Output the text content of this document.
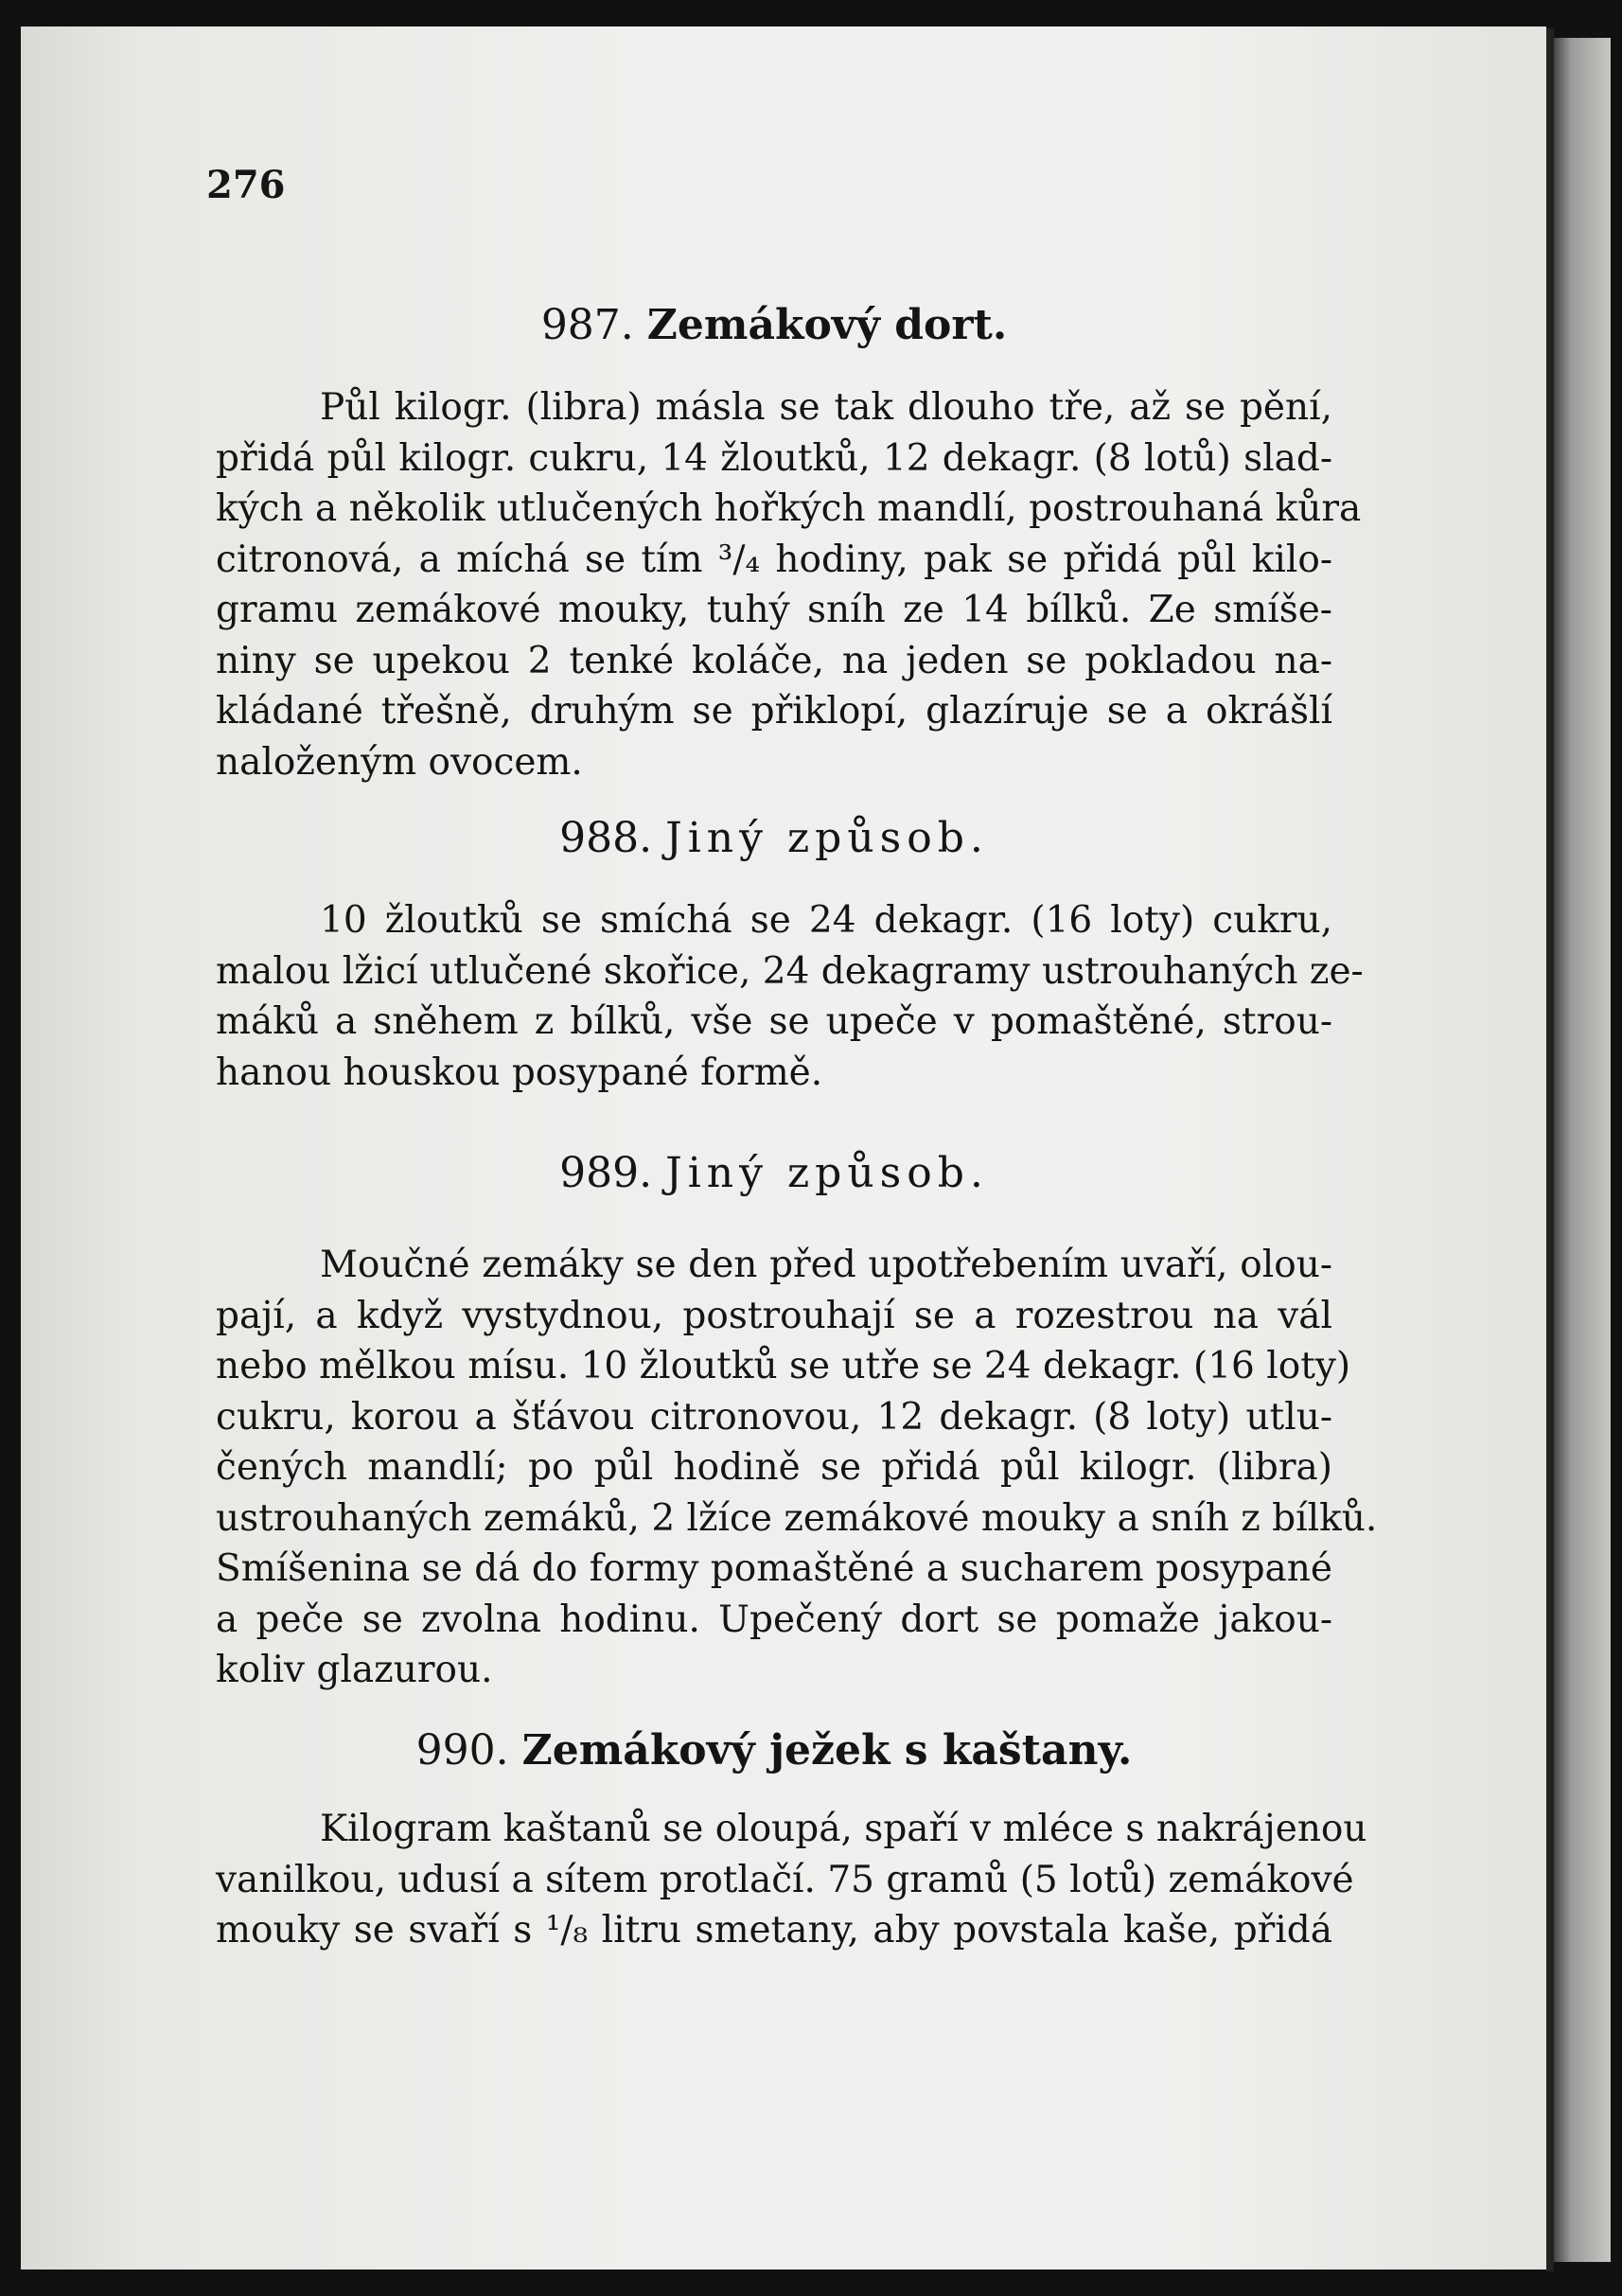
276
987. Zemákový dort.
Půl kilogr. (libra) másla se tak dlouho tře, až se pění,
přidá půl kilogr. cukru, 14 žloutků, 12 dekagr. (8 lotů) slad-
kých a několik utlučených hořkých mandlí, postrouhaná kůra
citronová, a míchá se tím ³/₄ hodiny, pak se přidá půl kilo-
gramu zemákové mouky, tuhý sníh ze 14 bílků. Ze smíše-
niny se upekou 2 tenké koláče, na jeden se pokladou na-
kládané třešně, druhým se přiklopí, glazíruje se a okrášlí
naloženým ovocem.
988. Jiný způsob.
10 žloutků se smíchá se 24 dekagr. (16 loty) cukru,
malou lžicí utlučené skořice, 24 dekagramy ustrouhaných ze-
máků a sněhem z bílků, vše se upeče v pomaštěné, strou-
hanou houskou posypané formě.
989. Jiný způsob.
Moučné zemáky se den před upotřebením uvaří, olou-
pají, a když vystydnou, postrouhají se a rozestrou na vál
nebo mělkou mísu. 10 žloutků se utře se 24 dekagr. (16 loty)
cukru, korou a šťávou citronovou, 12 dekagr. (8 loty) utlu-
čených mandlí; po půl hodině se přidá půl kilogr. (libra)
ustrouhaných zemáků, 2 lžíce zemákové mouky a sníh z bílků.
Smíšenina se dá do formy pomaštěné a sucharem posypané
a peče se zvolna hodinu. Upečený dort se pomaže jakou-
koliv glazurou.
990. Zemákový ježek s kaštany.
Kilogram kaštanů se oloupá, spaří v mléce s nakrájenou
vanilkou, udusí a sítem protlačí. 75 gramů (5 lotů) zemákové
mouky se svaří s ¹/₈ litru smetany, aby povstala kaše, přidá
